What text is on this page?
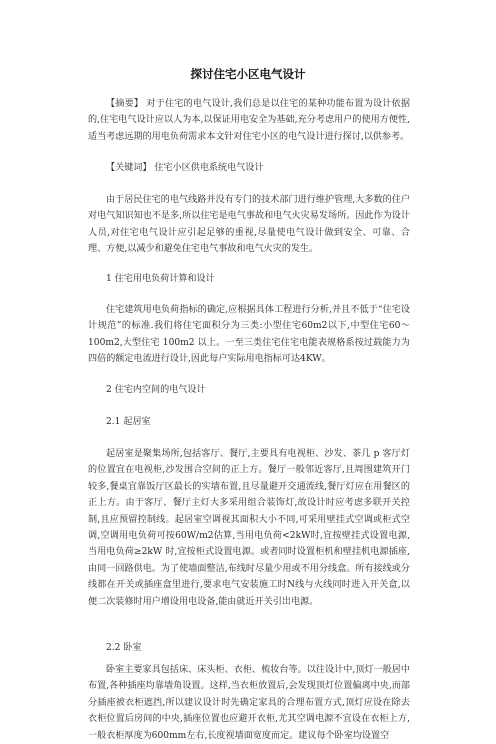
探讨住宅小区电气设计

【摘要】 对于住宅的电气设计,我们总是以住宅的某种功能布置为设计依据的,住宅电气设计应以人为本,以保证用电安全为基础,充分考虑用户的使用方便性,适当考虑远期的用电负荷需求本文针对住宅小区的电气设计进行探讨,以供参考。

【关键词】 住宅小区供电系统电气设计

由于居民住宅的电气线路并没有专门的技术部门进行维护管理,大多数的住户对电气知识知也不是多,所以住宅是电气事故和电气火灾易发场所。因此作为设计人员,对住宅电气设计应引起足够的重视,尽量使电气设计做到安全、可靠、合理、方便,以减少和避免住宅电气事故和电气火灾的发生。

1 住宅用电负荷计算和设计

住宅建筑用电负荷指标的确定,应根据具体工程进行分析,并且不低于“住宅设计规范”的标准.我们将住宅面积分为三类:小型住宅60m2以下,中型住宅60～100m2,大型住宅 100m2 以上。一至三类住宅住宅电能表规格系按过载能力为四倍的额定电流进行设计,因此每户实际用电指标可达4KW。

2 住宅内空间的电气设计

2.1 起居室

起居室是聚集场所,包括客厅、餐厅,主要具有电视柜、沙发、茶几 p 客厅灯的位置宜在电视柜,沙发围合空间的正上方。餐厅一般邻近客厅,且周围建筑开门较多,餐桌宜靠饭厅区最长的实墙布置,且尽量避开交通流线,餐厅灯应在用餐区的正上方。由于客厅、餐厅主灯大多采用组合装饰灯,故设计时应考虑多联开关控制,且应预留控制线。起居室空调视其面积大小不同,可采用壁挂式空调或柜式空调,空调用电负荷可按60W/m2估算,当用电负荷<2kW时,宜按壁挂式设置电源,当用电负荷≥2kW 时,宜按柜式设置电源。或者同时设置柜机和壁挂机电源插座,由同一回路供电。为了使墙面整洁,布线时尽量少用或不用分线盒。所有接线或分线都在开关或插座盒里进行,要求电气安装施工时N线与火线同时进入开关盒,以便二次装修时用户增设用电设备,能由就近开关引出电源。

2.2 卧室

卧室主要家具包括床、床头柜、衣柜、梳妆台等。以往设计中,顶灯一般居中布置,各种插座均靠墙角设置。这样,当衣柜放置后,会发现顶灯位置偏离中央,而部分插座被衣柜遮挡,所以建议设计时先确定家具的合理布置方式,顶灯应设在除去衣柜位置后房间的中央,插座位置也应避开衣柜,尤其空调电源不宜设在衣柜上方,一般衣柜厚度为600mm左右,长度视墙面宽度而定。建议每个卧室均设置空
